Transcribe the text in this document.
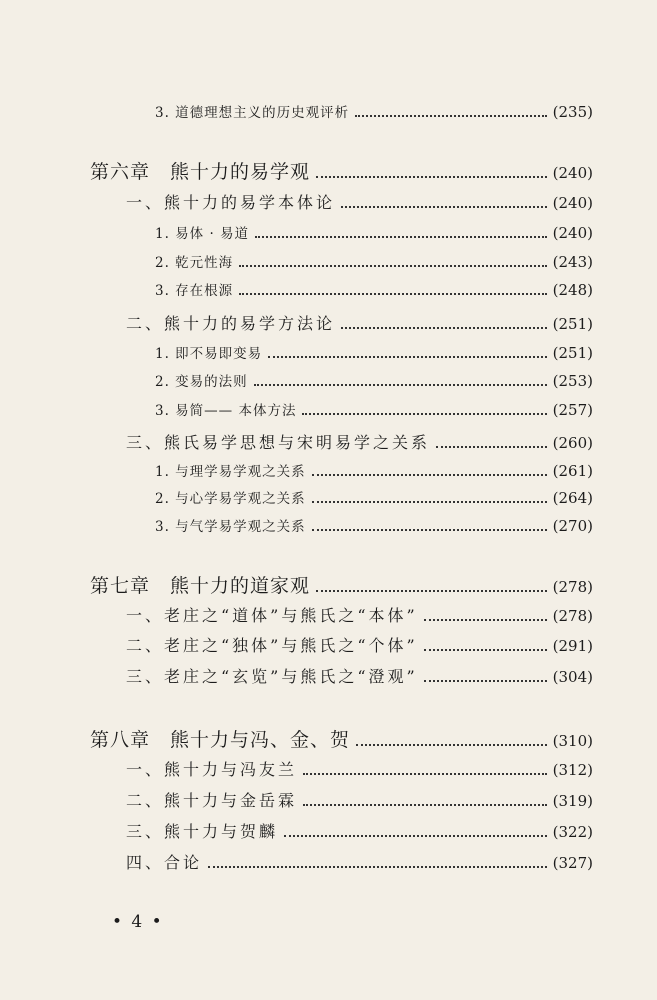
3. 道德理想主义的历史观评析	(235)
第六章　熊十力的易学观	(240)
一、熊十力的易学本体论	(240)
1. 易体 · 易道	(240)
2. 乾元性海	(243)
3. 存在根源	(248)
二、熊十力的易学方法论	(251)
1. 即不易即变易	(251)
2. 变易的法则	(253)
3. 易简—— 本体方法	(257)
三、熊氏易学思想与宋明易学之关系	(260)
1. 与理学易学观之关系	(261)
2. 与心学易学观之关系	(264)
3. 与气学易学观之关系	(270)
第七章　熊十力的道家观	(278)
一、老庄之“道体”与熊氏之“本体”	(278)
二、老庄之“独体”与熊氏之“个体”	(291)
三、老庄之“玄览”与熊氏之“澄观”	(304)
第八章　熊十力与冯、金、贺	(310)
一、熊十力与冯友兰	(312)
二、熊十力与金岳霖	(319)
三、熊十力与贺麟	(322)
四、合论	(327)
• 4 •
